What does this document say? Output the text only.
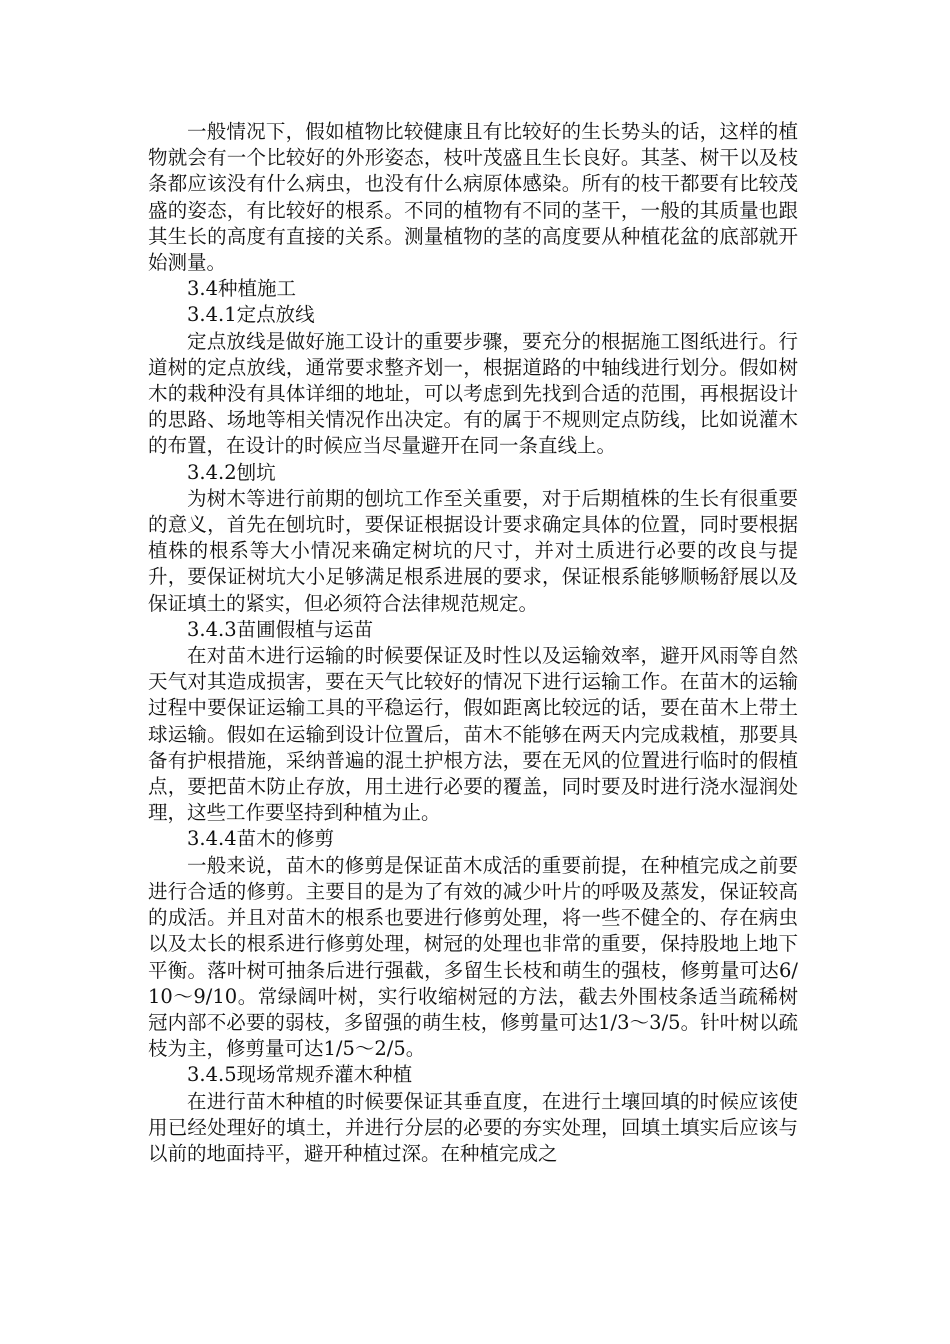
一般情况下，假如植物比较健康且有比较好的生长势头的话，这样的植物就会有一个比较好的外形姿态，枝叶茂盛且生长良好。其茎、树干以及枝条都应该没有什么病虫，也没有什么病原体感染。所有的枝干都要有比较茂盛的姿态，有比较好的根系。不同的植物有不同的茎干，一般的其质量也跟其生长的高度有直接的关系。测量植物的茎的高度要从种植花盆的底部就开始测量。

3.4种植施工

3.4.1定点放线

定点放线是做好施工设计的重要步骤，要充分的根据施工图纸进行。行道树的定点放线，通常要求整齐划一，根据道路的中轴线进行划分。假如树木的栽种没有具体详细的地址，可以考虑到先找到合适的范围，再根据设计的思路、场地等相关情况作出决定。有的属于不规则定点防线，比如说灌木的布置，在设计的时候应当尽量避开在同一条直线上。

3.4.2刨坑

为树木等进行前期的刨坑工作至关重要，对于后期植株的生长有很重要的意义，首先在刨坑时，要保证根据设计要求确定具体的位置，同时要根据植株的根系等大小情况来确定树坑的尺寸，并对土质进行必要的改良与提升，要保证树坑大小足够满足根系进展的要求，保证根系能够顺畅舒展以及保证填土的紧实，但必须符合法律规范规定。

3.4.3苗圃假植与运苗

在对苗木进行运输的时候要保证及时性以及运输效率，避开风雨等自然天气对其造成损害，要在天气比较好的情况下进行运输工作。在苗木的运输过程中要保证运输工具的平稳运行，假如距离比较远的话，要在苗木上带土球运输。假如在运输到设计位置后，苗木不能够在两天内完成栽植，那要具备有护根措施，采纳普遍的混土护根方法，要在无风的位置进行临时的假植点，要把苗木防止存放，用土进行必要的覆盖，同时要及时进行浇水湿润处理，这些工作要坚持到种植为止。

3.4.4苗木的修剪

一般来说，苗木的修剪是保证苗木成活的重要前提，在种植完成之前要进行合适的修剪。主要目的是为了有效的减少叶片的呼吸及蒸发，保证较高的成活。并且对苗木的根系也要进行修剪处理，将一些不健全的、存在病虫以及太长的根系进行修剪处理，树冠的处理也非常的重要，保持股地上地下平衡。落叶树可抽条后进行强截，多留生长枝和萌生的强枝，修剪量可达6/10～9/10。常绿阔叶树，实行收缩树冠的方法，截去外围枝条适当疏稀树冠内部不必要的弱枝，多留强的萌生枝，修剪量可达1/3～3/5。针叶树以疏枝为主，修剪量可达1/5～2/5。

3.4.5现场常规乔灌木种植

在进行苗木种植的时候要保证其垂直度，在进行土壤回填的时候应该使用已经处理好的填土，并进行分层的必要的夯实处理，回填土填实后应该与以前的地面持平，避开种植过深。在种植完成之
